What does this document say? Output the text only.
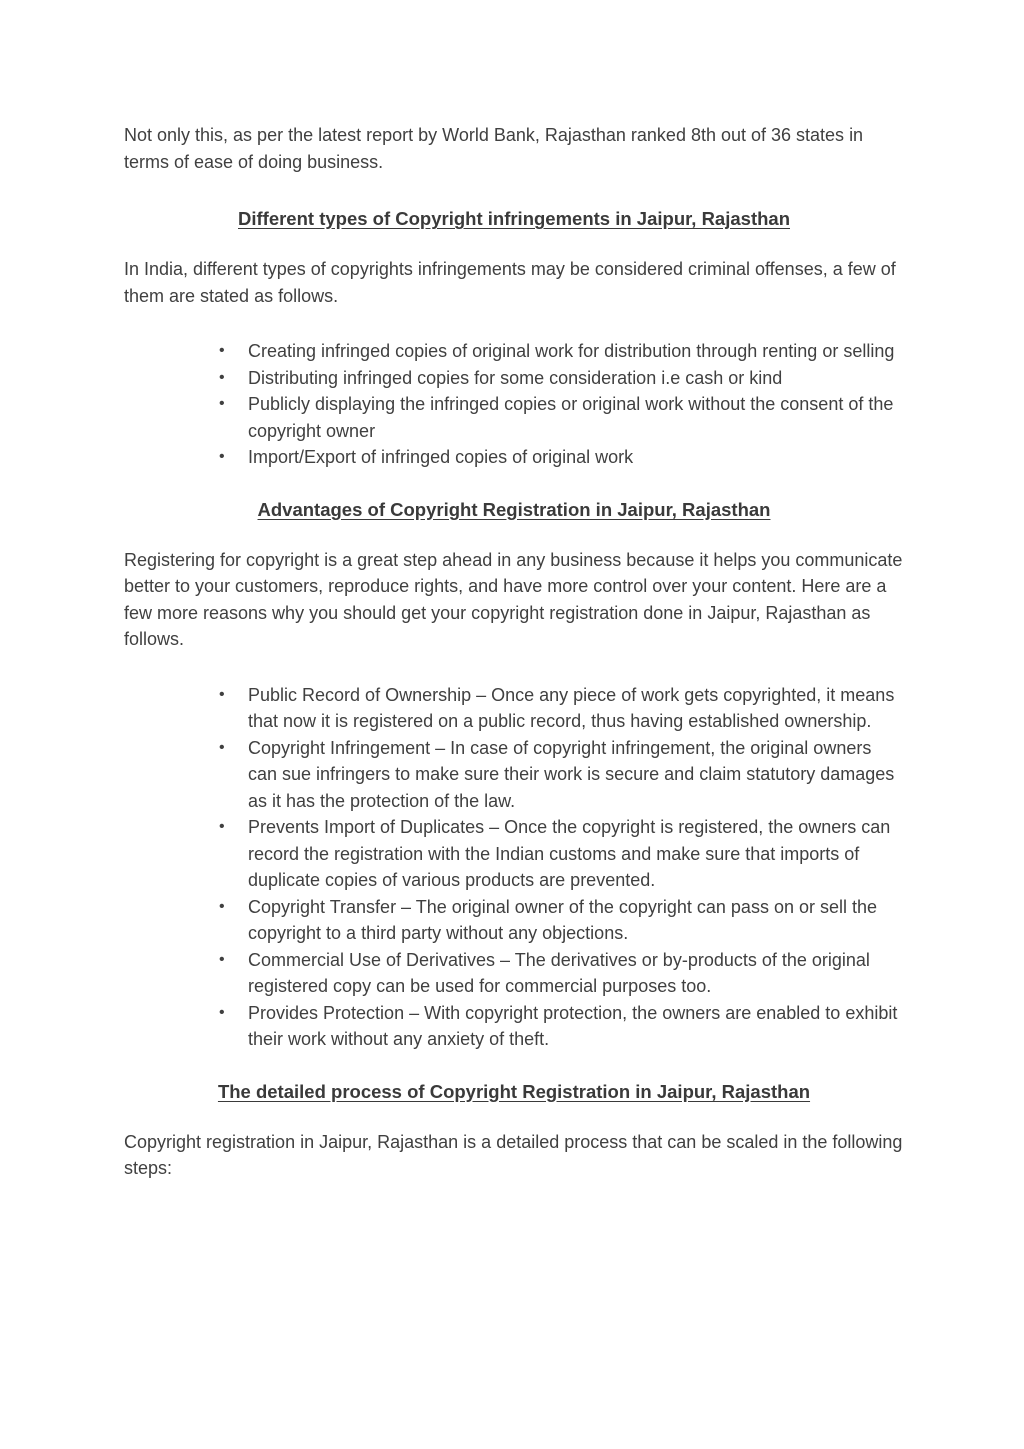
Not only this, as per the latest report by World Bank, Rajasthan ranked 8th out of 36 states in terms of ease of doing business.

Different types of Copyright infringements in Jaipur, Rajasthan

In India, different types of copyrights infringements may be considered criminal offenses, a few of them are stated as follows.

• Creating infringed copies of original work for distribution through renting or selling
• Distributing infringed copies for some consideration i.e cash or kind
• Publicly displaying the infringed copies or original work without the consent of the copyright owner
• Import/Export of infringed copies of original work
Advantages of Copyright Registration in Jaipur, Rajasthan

Registering for copyright is a great step ahead in any business because it helps you communicate better to your customers, reproduce rights, and have more control over your content. Here are a few more reasons why you should get your copyright registration done in Jaipur, Rajasthan as follows.

• Public Record of Ownership – Once any piece of work gets copyrighted, it means that now it is registered on a public record, thus having established ownership.
• Copyright Infringement – In case of copyright infringement, the original owners can sue infringers to make sure their work is secure and claim statutory damages as it has the protection of the law.
• Prevents Import of Duplicates – Once the copyright is registered, the owners can record the registration with the Indian customs and make sure that imports of duplicate copies of various products are prevented.
• Copyright Transfer – The original owner of the copyright can pass on or sell the copyright to a third party without any objections.
• Commercial Use of Derivatives – The derivatives or by-products of the original registered copy can be used for commercial purposes too.
• Provides Protection – With copyright protection, the owners are enabled to exhibit their work without any anxiety of theft.
The detailed process of Copyright Registration in Jaipur, Rajasthan

Copyright registration in Jaipur, Rajasthan is a detailed process that can be scaled in the following steps:
